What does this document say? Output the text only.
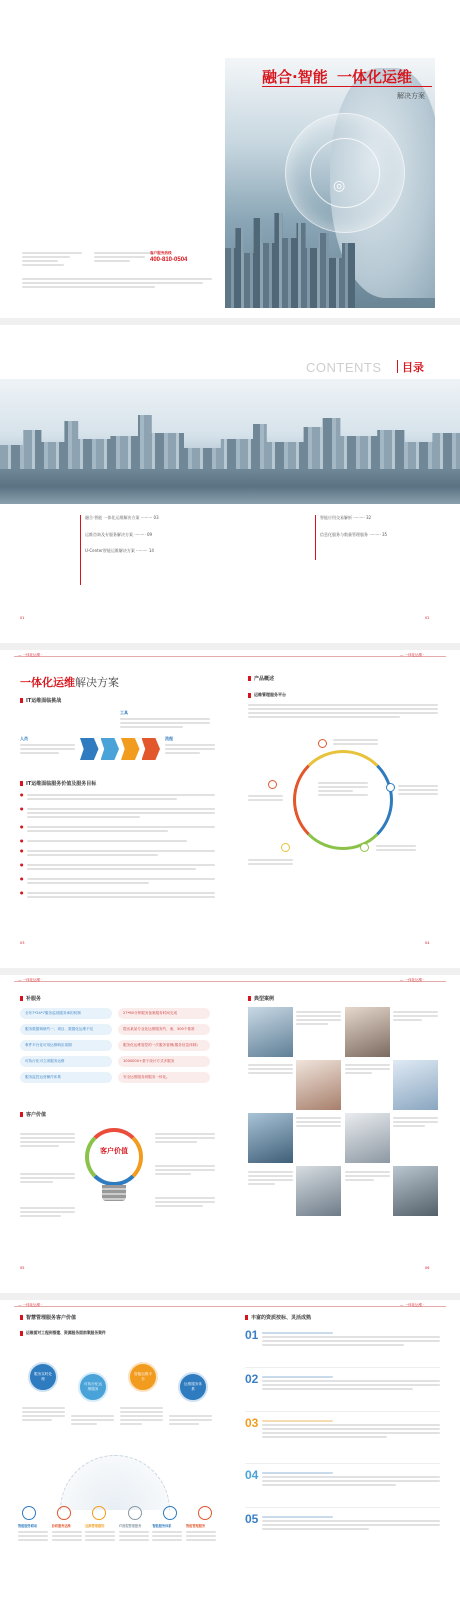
◎
融合·智能 一体化运维
解决方案
客户服务热线
400-810-0504
CONTENTS 目录
融合·智能 一体化运维解决方案 ········· 03
运维咨询及专服务解决方案 ········· 09
U-Center智能运维解决方案 ········· 14
智能应用交易解析 ········· 32
信息化服务与数量管理服务 ········· 35
01	02
— 一体化运维 ·	— 一体化运维 ·
一体化运维解决方案
IT运维面临挑战
工具
人员	流程
IT运维面临服务价值及服务目标
●
●
●
●
●
●
●
●
产品概述
运维管理服务平台
03	04
— 一体化运维 ·	— 一体化运维 ·
补服务
全年7*24*7服务监视服务承担机制
服务数据调研约一、项目、数据化运维不足
事件平台化可用运维响应周期
可执行化可立项服务运维
服务监控运营操作体系
27*60分钟服务备案服务时间完成
提出某某专业化运维服务约、案、300个基准
服务化运维管控的一次服务管理(服务信息体制)
1000000+基于设计方式多服务
安全运维服务到服务一体化。
客户价值
客户价值
典型案例
05	06
— 一体化运维 ·	— 一体化运维 ·
智慧管理服务客户价值
运维面对工程到搭建、资源服务面前案服务案件
服务实时处理
可执行化运维服务
智能运维平台
运维服务体系
智能服务联动	协同服务运维	运维管理感知	IT流程管理服务	智能服务体系	智能管理服务
丰富的资质按标、灵活成熟
01
02
03
04
05
